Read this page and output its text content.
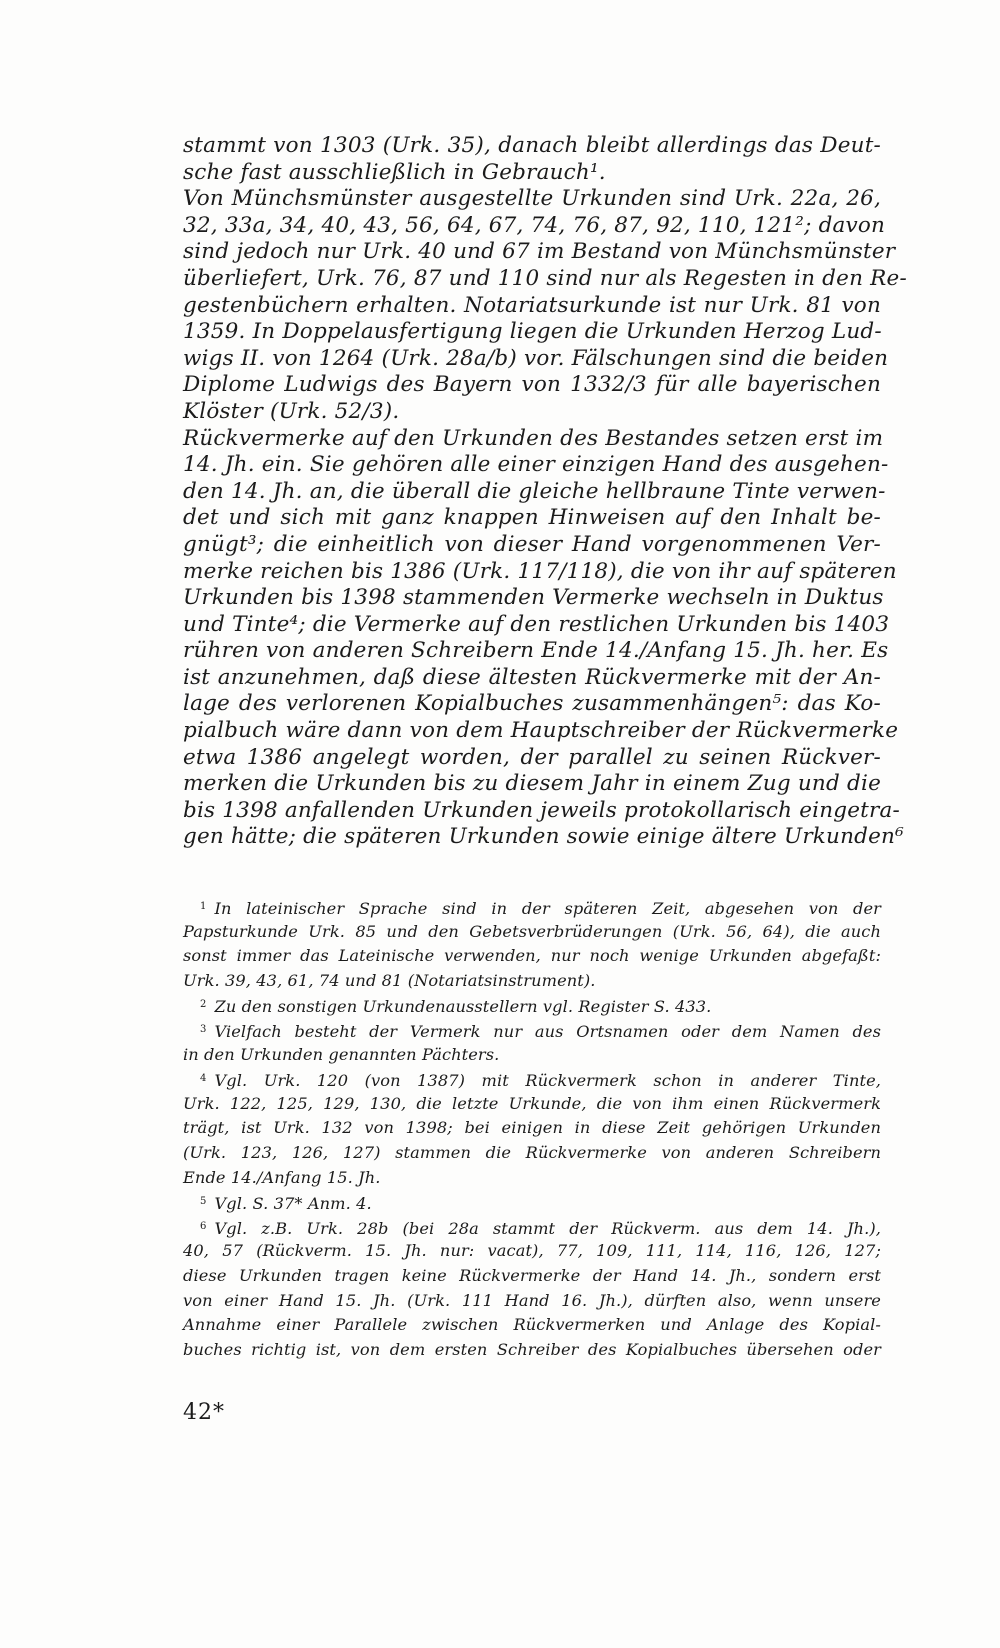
stammt von 1303 (Urk. 35), danach bleibt allerdings das Deut-
sche fast ausschließlich in Gebrauch¹.
Von Münchsmünster ausgestellte Urkunden sind Urk. 22a, 26,
32, 33a, 34, 40, 43, 56, 64, 67, 74, 76, 87, 92, 110, 121²; davon
sind jedoch nur Urk. 40 und 67 im Bestand von Münchsmünster
überliefert, Urk. 76, 87 und 110 sind nur als Regesten in den Re-
gestenbüchern erhalten. Notariatsurkunde ist nur Urk. 81 von
1359. In Doppelausfertigung liegen die Urkunden Herzog Lud-
wigs II. von 1264 (Urk. 28a/b) vor. Fälschungen sind die beiden
Diplome Ludwigs des Bayern von 1332/3 für alle bayerischen
Klöster (Urk. 52/3).
Rückvermerke auf den Urkunden des Bestandes setzen erst im
14. Jh. ein. Sie gehören alle einer einzigen Hand des ausgehen-
den 14. Jh. an, die überall die gleiche hellbraune Tinte verwen-
det und sich mit ganz knappen Hinweisen auf den Inhalt be-
gnügt³; die einheitlich von dieser Hand vorgenommenen Ver-
merke reichen bis 1386 (Urk. 117/118), die von ihr auf späteren
Urkunden bis 1398 stammenden Vermerke wechseln in Duktus
und Tinte⁴; die Vermerke auf den restlichen Urkunden bis 1403
rühren von anderen Schreibern Ende 14./Anfang 15. Jh. her. Es
ist anzunehmen, daß diese ältesten Rückvermerke mit der An-
lage des verlorenen Kopialbuches zusammenhängen⁵: das Ko-
pialbuch wäre dann von dem Hauptschreiber der Rückvermerke
etwa 1386 angelegt worden, der parallel zu seinen Rückver-
merken die Urkunden bis zu diesem Jahr in einem Zug und die
bis 1398 anfallenden Urkunden jeweils protokollarisch eingetra-
gen hätte; die späteren Urkunden sowie einige ältere Urkunden⁶
$^1$ In lateinischer Sprache sind in der späteren Zeit, abgesehen von der
Papsturkunde Urk. 85 und den Gebetsverbrüderungen (Urk. 56, 64), die auch
sonst immer das Lateinische verwenden, nur noch wenige Urkunden abgefaßt:
Urk. 39, 43, 61, 74 und 81 (Notariatsinstrument).
$^2$ Zu den sonstigen Urkundenausstellern vgl. Register S. 433.
$^3$ Vielfach besteht der Vermerk nur aus Ortsnamen oder dem Namen des
in den Urkunden genannten Pächters.
$^4$ Vgl. Urk. 120 (von 1387) mit Rückvermerk schon in anderer Tinte,
Urk. 122, 125, 129, 130, die letzte Urkunde, die von ihm einen Rückvermerk
trägt, ist Urk. 132 von 1398; bei einigen in diese Zeit gehörigen Urkunden
(Urk. 123, 126, 127) stammen die Rückvermerke von anderen Schreibern
Ende 14./Anfang 15. Jh.
$^5$ Vgl. S. 37* Anm. 4.
$^6$ Vgl. z.B. Urk. 28b (bei 28a stammt der Rückverm. aus dem 14. Jh.),
40, 57 (Rückverm. 15. Jh. nur: vacat), 77, 109, 111, 114, 116, 126, 127;
diese Urkunden tragen keine Rückvermerke der Hand 14. Jh., sondern erst
von einer Hand 15. Jh. (Urk. 111 Hand 16. Jh.), dürften also, wenn unsere
Annahme einer Parallele zwischen Rückvermerken und Anlage des Kopial-
buches richtig ist, von dem ersten Schreiber des Kopialbuches übersehen oder
42*
